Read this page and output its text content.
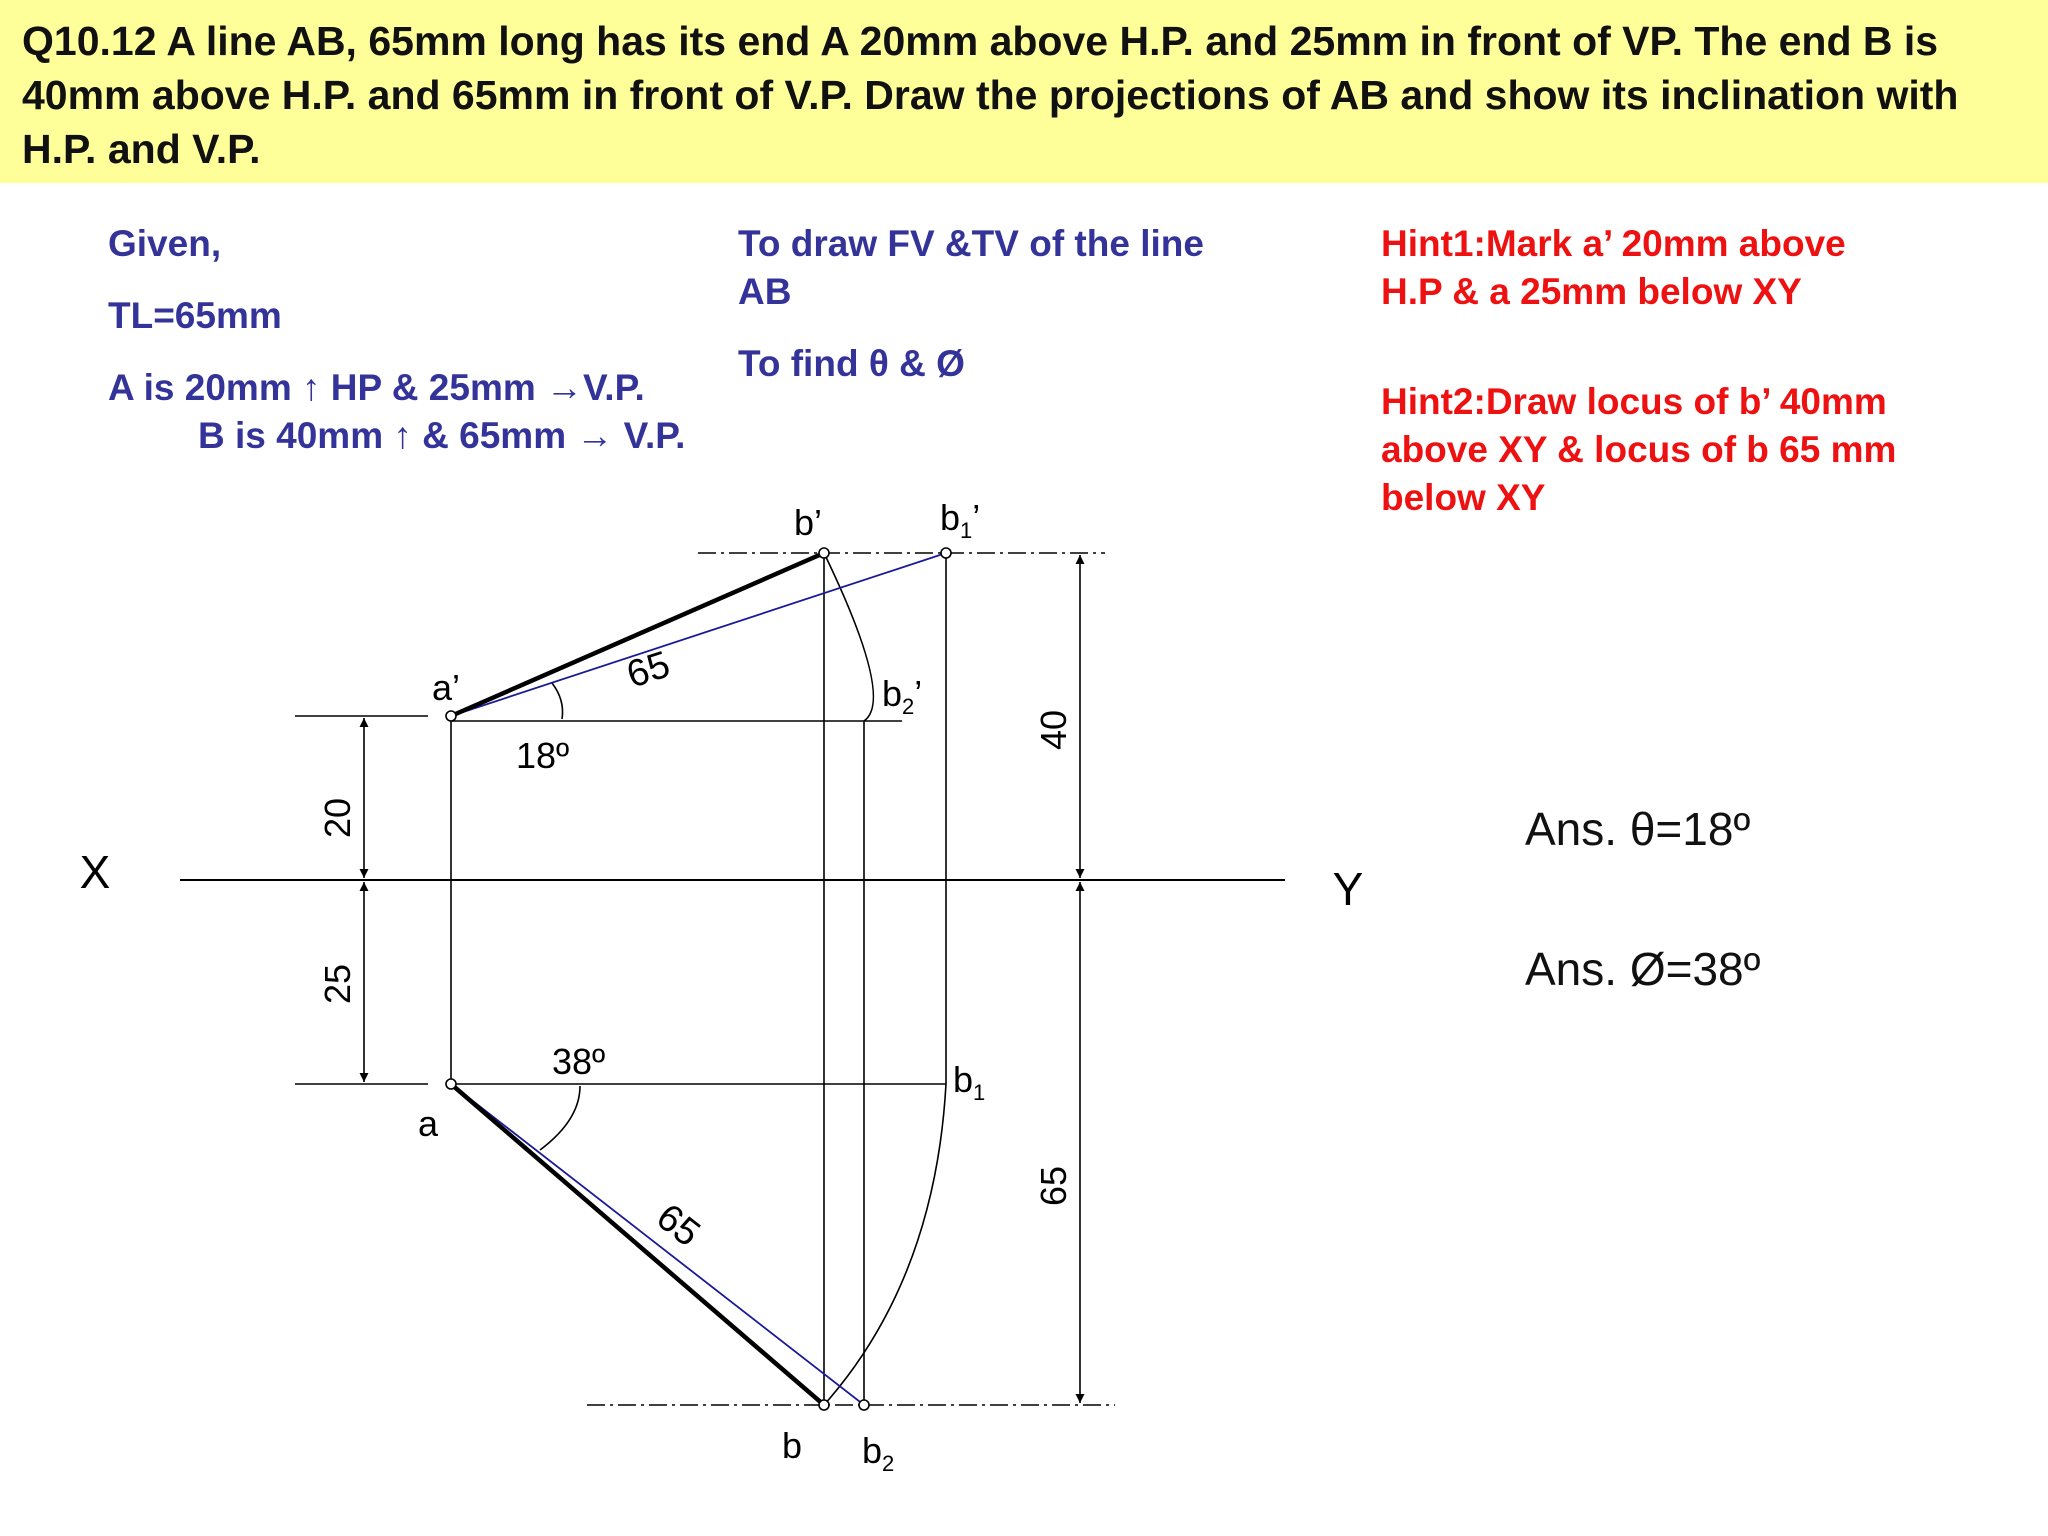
Q10.12 A line AB, 65mm long has its end A 20mm above H.P. and 25mm in front of VP. The end B is 40mm above H.P. and 65mm in front of V.P. Draw the projections of AB and show its inclination with H.P. and V.P.

Given,

TL=65mm

A is 20mm ↑ HP & 25mm →V.P.

B is 40mm ↑ & 65mm → V.P.

To draw FV &TV of the line

AB

To find θ & Ø

Hint1:Mark a’ 20mm above

H.P & a 25mm below XY

Hint2:Draw locus of b’ 40mm

above XY & locus of b 65 mm

below XY

Ans. θ=18º

Ans. Ø=38º

X	Y
a’
a
b’
b
$b_1$’
$b_2$’
$b_1$
$b_2$
18º
38º
65
65
20
25
40
65
